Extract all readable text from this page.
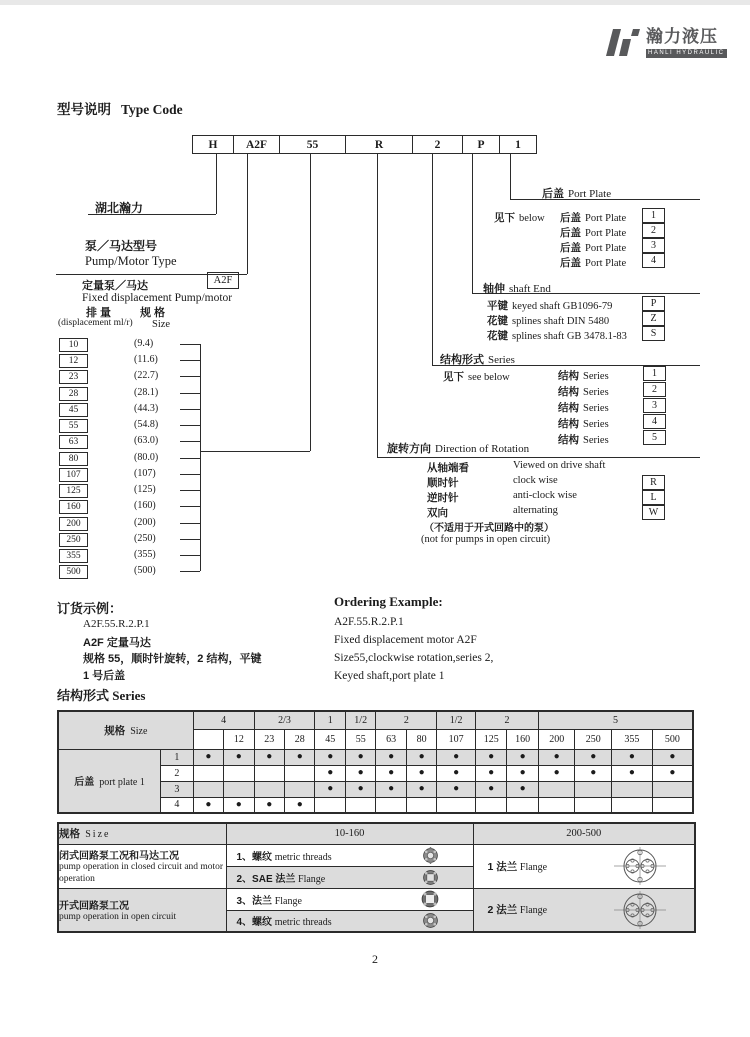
瀚力液压
HANLI HYDRAULIC
型号说明 Type Code
H	A2F	55	R	2	P	1
湖北瀚力
泵／马达型号
Pump/Motor Type
定量泵／马达	A2F
Fixed displacement Pump/motor
排 量
(displacement ml/r)
规 格
Size
10	(9.4)
12	(11.6)
23	(22.7)
28	(28.1)
45	(44.3)
55	(54.8)
63	(63.0)
80	(80.0)
107	(107)
125	(125)
160	(160)
200	(200)
250	(250)
355	(355)
500	(500)
后盖 Port Plate
见下 below 后盖 Port Plate	1
后盖 Port Plate	2
后盖 Port Plate	3
后盖 Port Plate	4
轴伸 shaft End
平键 keyed shaft GB1096-79	P
花键 splines shaft DIN 5480	Z
花键 splines shaft GB 3478.1-83	S
结构形式 Series
见下 see below	结构 Series	1
结构 Series	2
结构 Series	3
结构 Series	4
结构 Series	5
旋转方向 Direction of Rotation
从轴端看	Viewed on drive shaft
顺时针	clock wise	R
逆时针	anti-clock wise	L
双向	alternating	W
（不适用于开式回路中的泵）
(not for pumps in open circuit)
订货示例：
A2F.55.R.2.P.1
A2F 定量马达
规格 55，顺时针旋转，2 结构，平键
1 号后盖
Ordering Example:
A2F.55.R.2.P.1
Fixed displacement motor A2F
Size55,clockwise rotation,series 2,
Keyed shaft,port plate 1
结构形式 Series
规格 Size		4		2/3		1	1/2	2		1/2	2		5			
			12	23	28	45	55	63	80	107	125	160	200	250	355	500
后盖 port plate 1	1	●	●	●	●	●	●	●	●	●	●	●	●	●	●	●
	2					●	●	●	●	●	●	●	●	●	●	●
	3					●	●	●	●	●	●	●				
	4	●	●	●	●											
规格 Size	10-160	200-500
闭式回路泵工况和马达工况
pump operation in closed circuit and motor operation	1、螺纹 metric threads	1 法兰 Flange

	2、SAE 法兰 Flange	

开式回路泵工况
pump operation in open circuit	3、法兰 Flange	2 法兰 Flange

	4、螺纹 metric threads	
2
